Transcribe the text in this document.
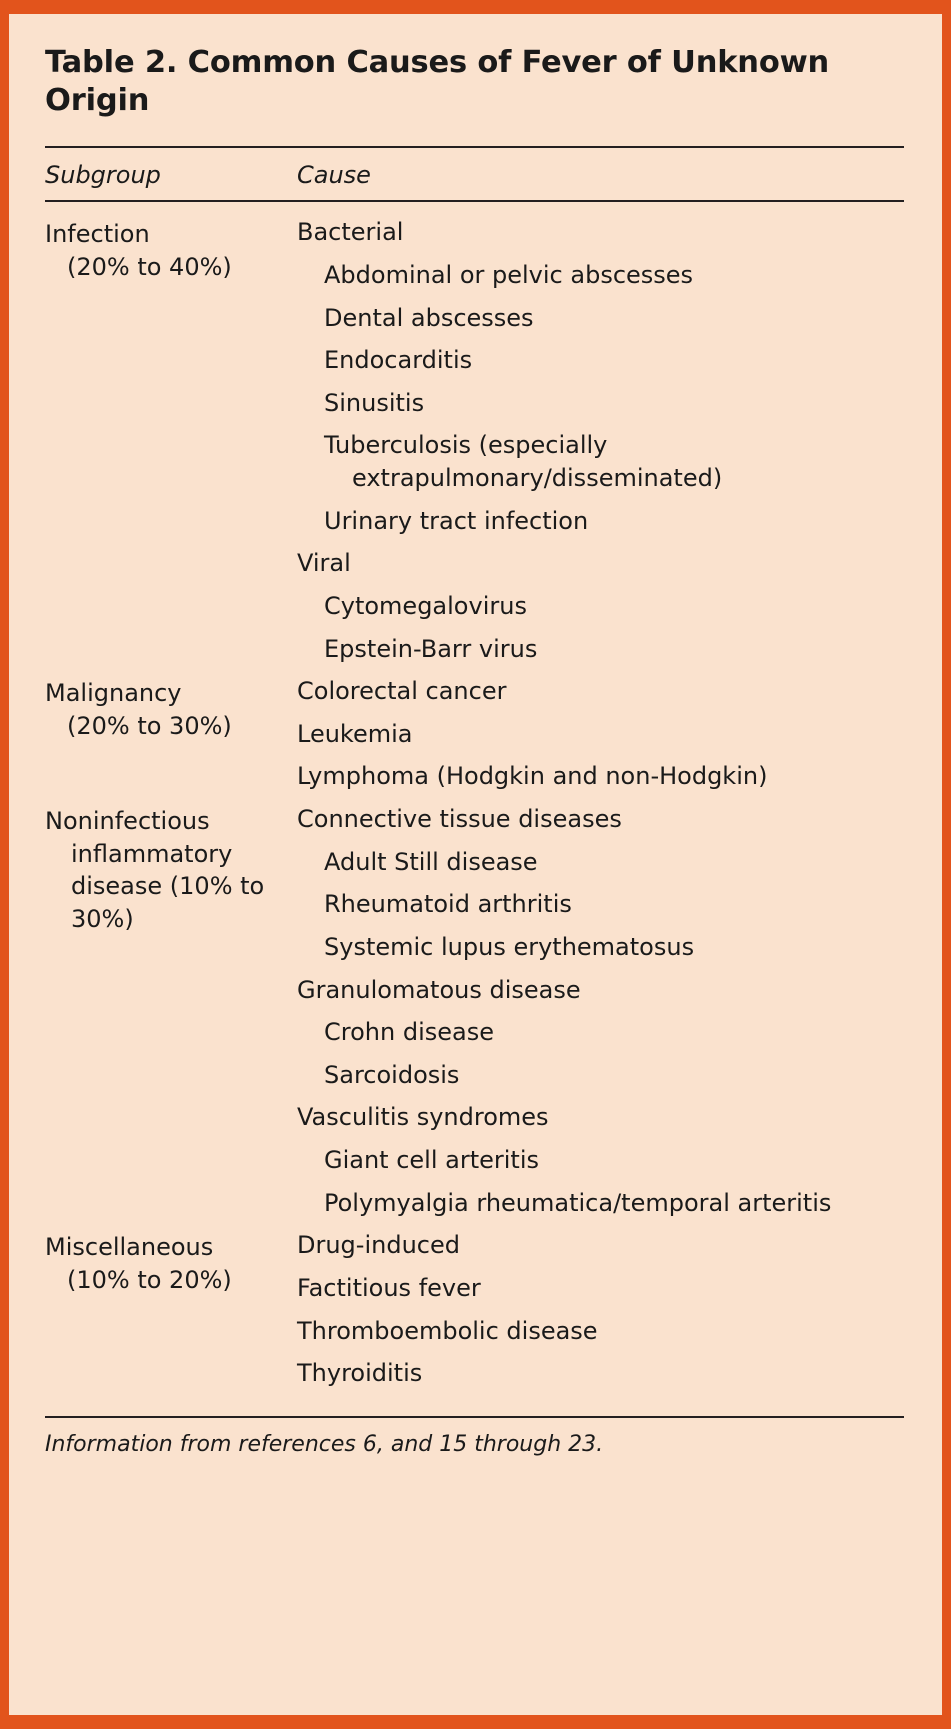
Table 2. Common Causes of Fever of Unknown Origin
Subgroup	Cause
Infection
(20% to 40%)
Bacterial
Abdominal or pelvic abscesses
Dental abscesses
Endocarditis
Sinusitis
Tuberculosis (especially extrapulmonary/disseminated)
Urinary tract infection
Viral
Cytomegalovirus
Epstein-Barr virus
Malignancy
(20% to 30%)
Colorectal cancer
Leukemia
Lymphoma (Hodgkin and non-Hodgkin)
Noninfectious inflammatory disease (10% to 30%)
Connective tissue diseases
Adult Still disease
Rheumatoid arthritis
Systemic lupus erythematosus
Granulomatous disease
Crohn disease
Sarcoidosis
Vasculitis syndromes
Giant cell arteritis
Polymyalgia rheumatica/temporal arteritis
Miscellaneous
(10% to 20%)
Drug-induced
Factitious fever
Thromboembolic disease
Thyroiditis
Information from references 6, and 15 through 23.
